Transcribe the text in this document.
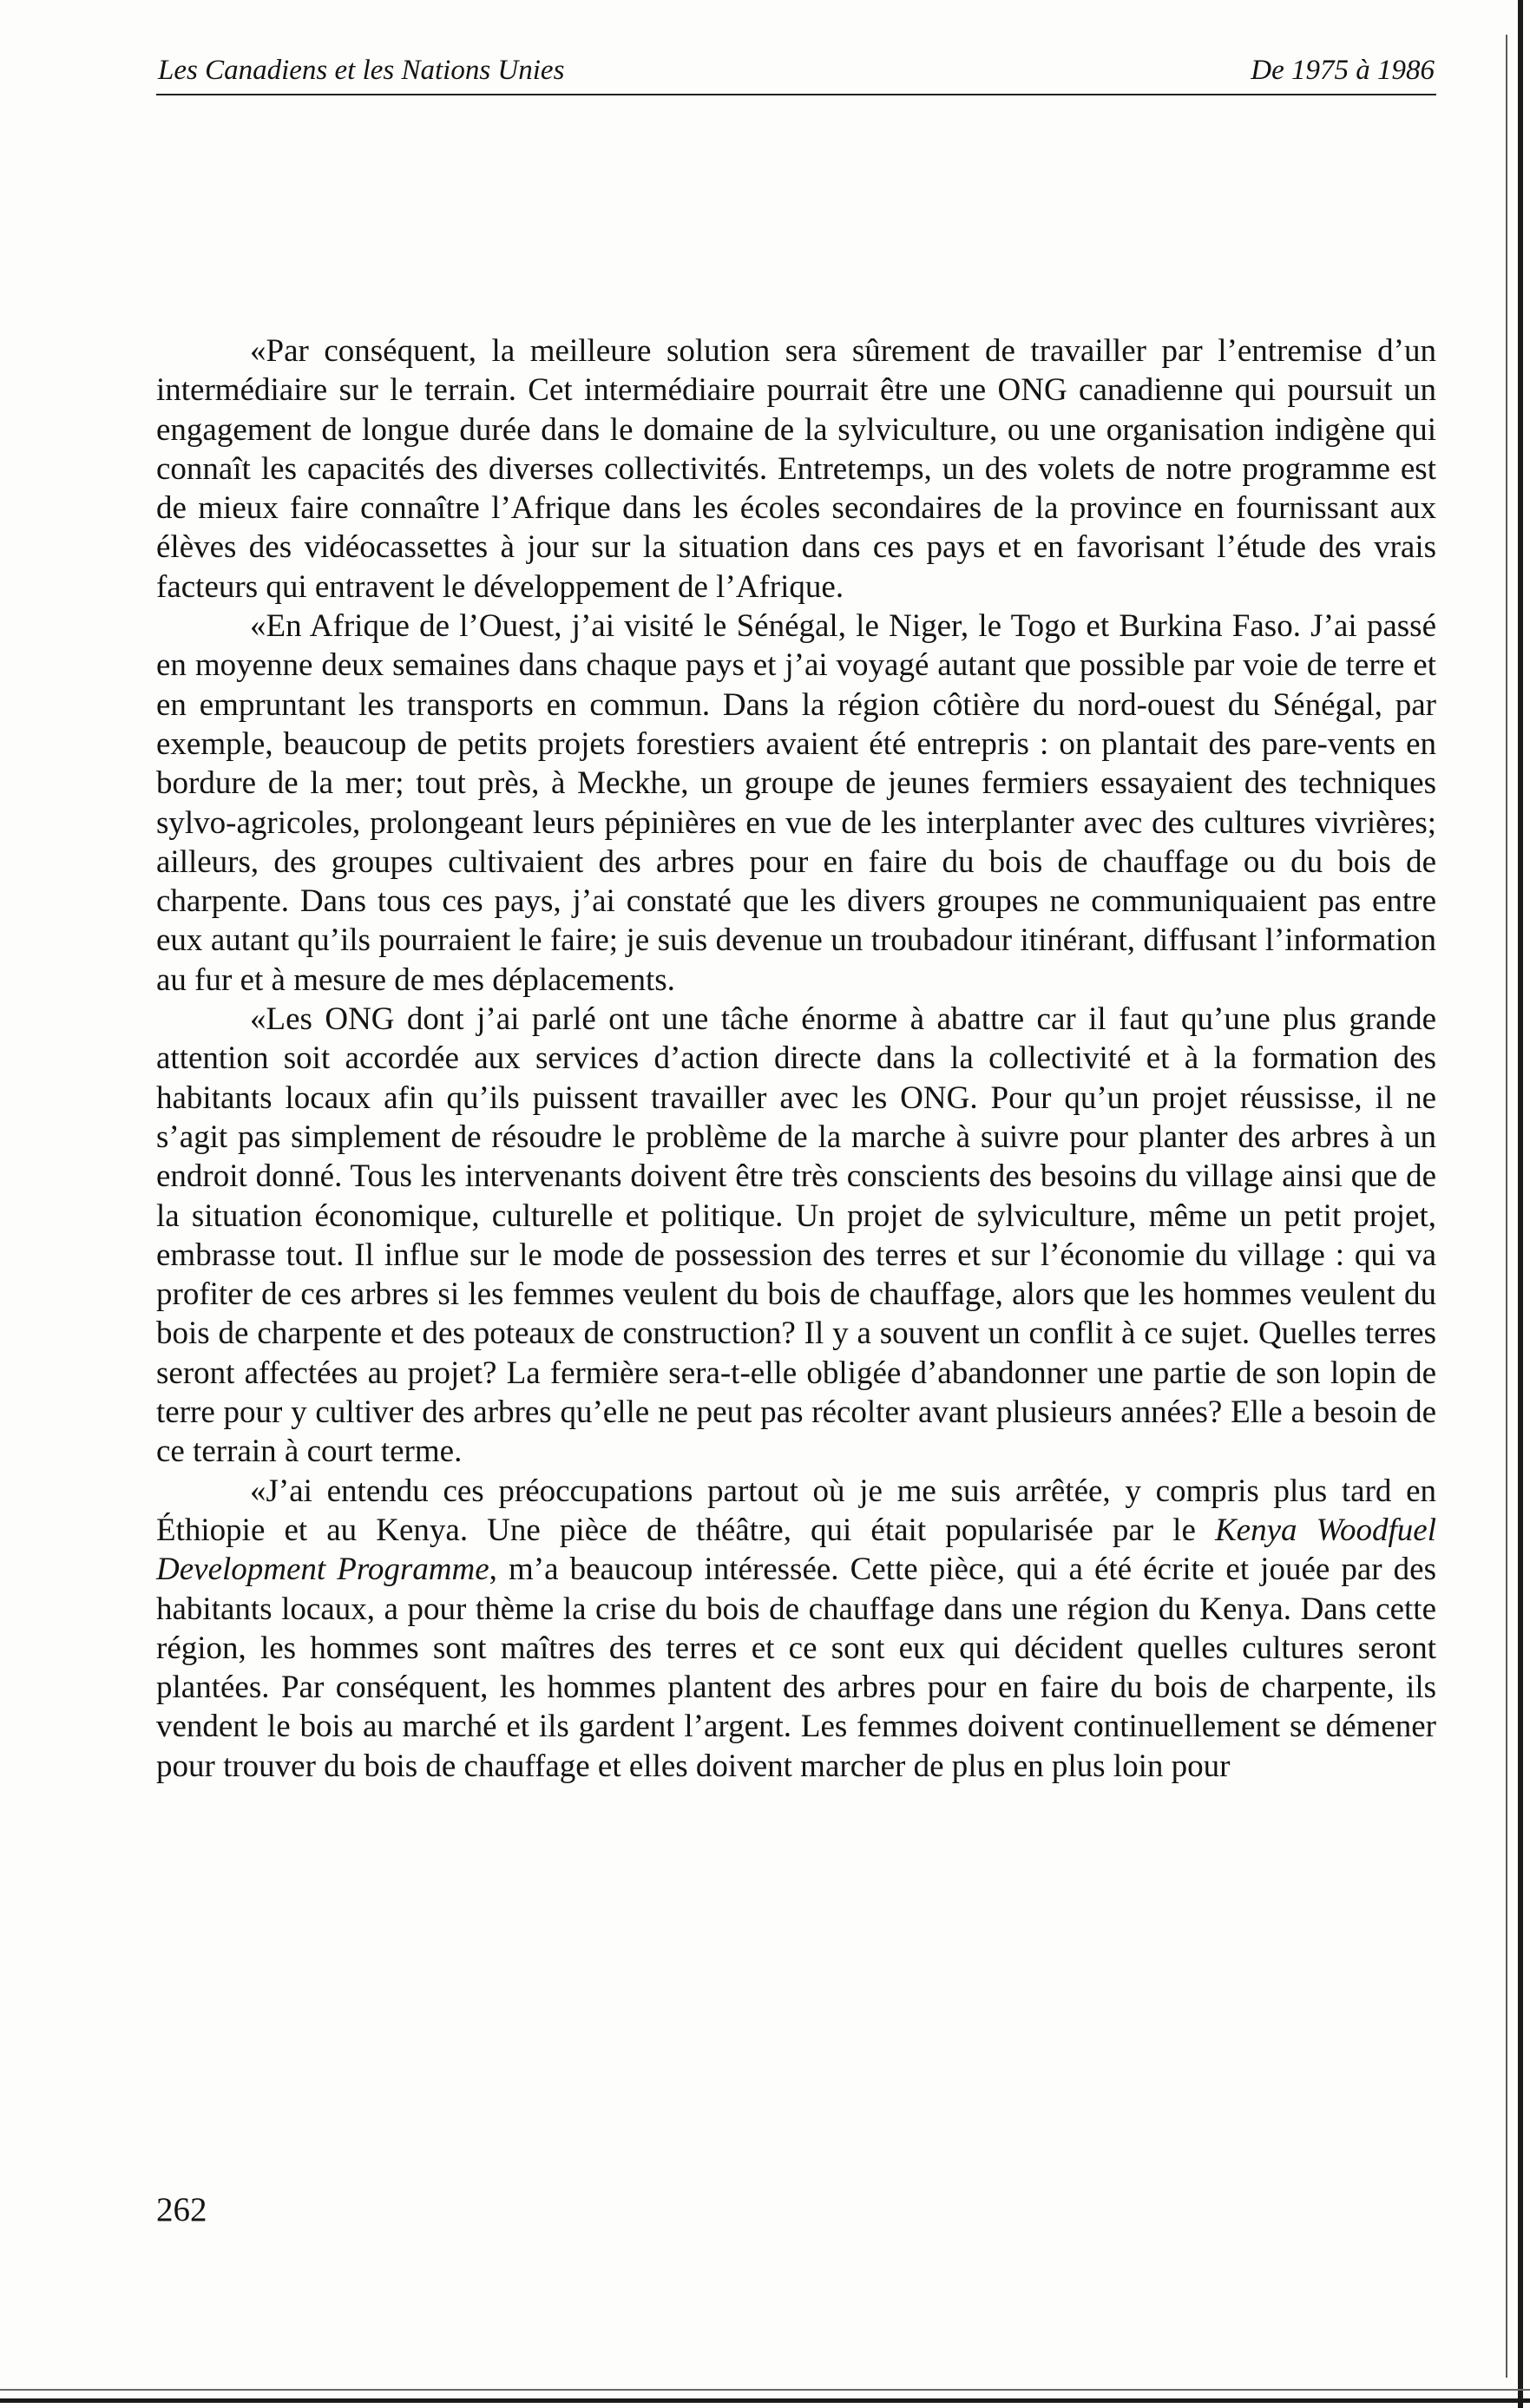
Les Canadiens et les Nations Unies	De 1975 à 1986

«Par conséquent, la meilleure solution sera sûrement de travailler par l’entremise d’un intermédiaire sur le terrain. Cet intermédiaire pourrait être une ONG canadienne qui poursuit un engagement de longue durée dans le domaine de la sylviculture, ou une organisation indigène qui connaît les capacités des diverses collectivités. Entretemps, un des volets de notre programme est de mieux faire connaître l’Afrique dans les écoles secondaires de la province en fournissant aux élèves des vidéocassettes à jour sur la situation dans ces pays et en favorisant l’étude des vrais facteurs qui entravent le développement de l’Afrique.

«En Afrique de l’Ouest, j’ai visité le Sénégal, le Niger, le Togo et Burkina Faso. J’ai passé en moyenne deux semaines dans chaque pays et j’ai voyagé autant que possible par voie de terre et en empruntant les transports en commun. Dans la région côtière du nord-ouest du Sénégal, par exemple, beaucoup de petits projets forestiers avaient été entrepris : on plantait des pare-vents en bordure de la mer; tout près, à Meckhe, un groupe de jeunes fermiers essayaient des techniques sylvo-agricoles, prolongeant leurs pépinières en vue de les interplanter avec des cultures vivrières; ailleurs, des groupes cultivaient des arbres pour en faire du bois de chauffage ou du bois de charpente. Dans tous ces pays, j’ai constaté que les divers groupes ne communiquaient pas entre eux autant qu’ils pourraient le faire; je suis devenue un troubadour itinérant, diffusant l’information au fur et à mesure de mes déplacements.

«Les ONG dont j’ai parlé ont une tâche énorme à abattre car il faut qu’une plus grande attention soit accordée aux services d’action directe dans la collectivité et à la formation des habitants locaux afin qu’ils puissent travailler avec les ONG. Pour qu’un projet réussisse, il ne s’agit pas simplement de résoudre le problème de la marche à suivre pour planter des arbres à un endroit donné. Tous les intervenants doivent être très conscients des besoins du village ainsi que de la situation économique, culturelle et politique. Un projet de sylviculture, même un petit projet, embrasse tout. Il influe sur le mode de possession des terres et sur l’économie du village : qui va profiter de ces arbres si les femmes veulent du bois de chauffage, alors que les hommes veulent du bois de charpente et des poteaux de construction? Il y a souvent un conflit à ce sujet. Quelles terres seront affectées au projet? La fermière sera-t-elle obligée d’abandonner une partie de son lopin de terre pour y cultiver des arbres qu’elle ne peut pas récolter avant plusieurs années? Elle a besoin de ce terrain à court terme.

«J’ai entendu ces préoccupations partout où je me suis arrêtée, y compris plus tard en Éthiopie et au Kenya. Une pièce de théâtre, qui était popularisée par le Kenya Woodfuel Development Programme, m’a beaucoup intéressée. Cette pièce, qui a été écrite et jouée par des habitants locaux, a pour thème la crise du bois de chauffage dans une région du Kenya. Dans cette région, les hommes sont maîtres des terres et ce sont eux qui décident quelles cultures seront plantées. Par conséquent, les hommes plantent des arbres pour en faire du bois de charpente, ils vendent le bois au marché et ils gardent l’argent. Les femmes doivent continuellement se démener pour trouver du bois de chauffage et elles doivent marcher de plus en plus loin pour

262
